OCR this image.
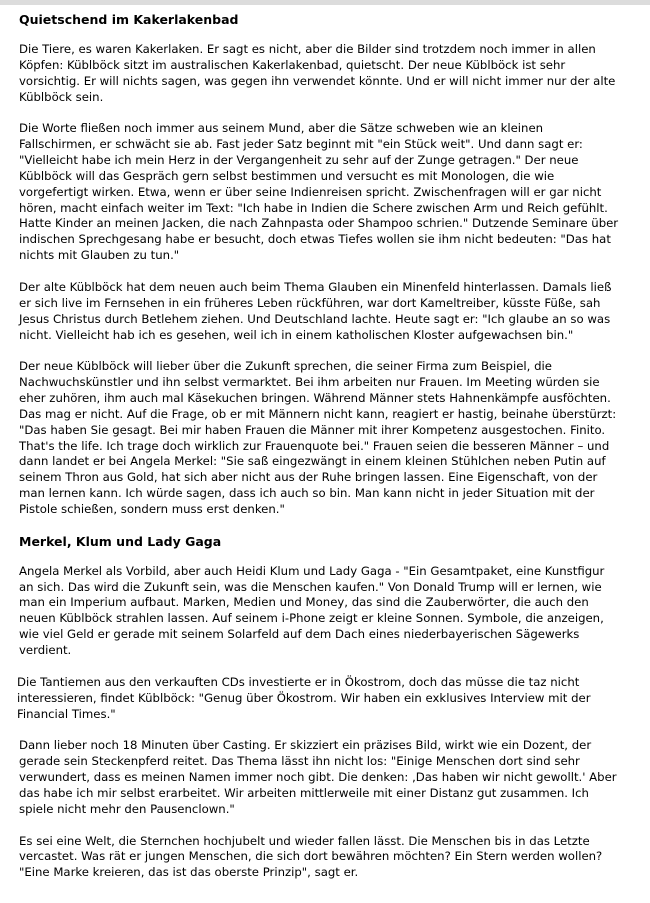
Quietschend im Kakerlakenbad

Die Tiere, es waren Kakerlaken. Er sagt es nicht, aber die Bilder sind trotzdem noch immer in allen
Köpfen: Küblböck sitzt im australischen Kakerlakenbad, quietscht. Der neue Küblböck ist sehr
vorsichtig. Er will nichts sagen, was gegen ihn verwendet könnte. Und er will nicht immer nur der alte
Küblböck sein.

Die Worte fließen noch immer aus seinem Mund, aber die Sätze schweben wie an kleinen
Fallschirmen, er schwächt sie ab. Fast jeder Satz beginnt mit "ein Stück weit". Und dann sagt er:
"Vielleicht habe ich mein Herz in der Vergangenheit zu sehr auf der Zunge getragen." Der neue
Küblböck will das Gespräch gern selbst bestimmen und versucht es mit Monologen, die wie
vorgefertigt wirken. Etwa, wenn er über seine Indienreisen spricht. Zwischenfragen will er gar nicht
hören, macht einfach weiter im Text: "Ich habe in Indien die Schere zwischen Arm und Reich gefühlt.
Hatte Kinder an meinen Jacken, die nach Zahnpasta oder Shampoo schrien." Dutzende Seminare über
indischen Sprechgesang habe er besucht, doch etwas Tiefes wollen sie ihm nicht bedeuten: "Das hat
nichts mit Glauben zu tun."

Der alte Küblböck hat dem neuen auch beim Thema Glauben ein Minenfeld hinterlassen. Damals ließ
er sich live im Fernsehen in ein früheres Leben rückführen, war dort Kameltreiber, küsste Füße, sah
Jesus Christus durch Betlehem ziehen. Und Deutschland lachte. Heute sagt er: "Ich glaube an so was
nicht. Vielleicht hab ich es gesehen, weil ich in einem katholischen Kloster aufgewachsen bin."

Der neue Küblböck will lieber über die Zukunft sprechen, die seiner Firma zum Beispiel, die
Nachwuchskünstler und ihn selbst vermarktet. Bei ihm arbeiten nur Frauen. Im Meeting würden sie
eher zuhören, ihm auch mal Käsekuchen bringen. Während Männer stets Hahnenkämpfe ausföchten.
Das mag er nicht. Auf die Frage, ob er mit Männern nicht kann, reagiert er hastig, beinahe überstürzt:
"Das haben Sie gesagt. Bei mir haben Frauen die Männer mit ihrer Kompetenz ausgestochen. Finito.
That's the life. Ich trage doch wirklich zur Frauenquote bei." Frauen seien die besseren Männer – und
dann landet er bei Angela Merkel: "Sie saß eingezwängt in einem kleinen Stühlchen neben Putin auf
seinem Thron aus Gold, hat sich aber nicht aus der Ruhe bringen lassen. Eine Eigenschaft, von der
man lernen kann. Ich würde sagen, dass ich auch so bin. Man kann nicht in jeder Situation mit der
Pistole schießen, sondern muss erst denken."

Merkel, Klum und Lady Gaga

Angela Merkel als Vorbild, aber auch Heidi Klum und Lady Gaga - "Ein Gesamtpaket, eine Kunstfigur
an sich. Das wird die Zukunft sein, was die Menschen kaufen." Von Donald Trump will er lernen, wie
man ein Imperium aufbaut. Marken, Medien und Money, das sind die Zauberwörter, die auch den
neuen Küblböck strahlen lassen. Auf seinem i-Phone zeigt er kleine Sonnen. Symbole, die anzeigen,
wie viel Geld er gerade mit seinem Solarfeld auf dem Dach eines niederbayerischen Sägewerks
verdient.

Die Tantiemen aus den verkauften CDs investierte er in Ökostrom, doch das müsse die taz nicht
interessieren, findet Küblböck: "Genug über Ökostrom. Wir haben ein exklusives Interview mit der
Financial Times."

Dann lieber noch 18 Minuten über Casting. Er skizziert ein präzises Bild, wirkt wie ein Dozent, der
gerade sein Steckenpferd reitet. Das Thema lässt ihn nicht los: "Einige Menschen dort sind sehr
verwundert, dass es meinen Namen immer noch gibt. Die denken: ‚Das haben wir nicht gewollt.' Aber
das habe ich mir selbst erarbeitet. Wir arbeiten mittlerweile mit einer Distanz gut zusammen. Ich
spiele nicht mehr den Pausenclown."

Es sei eine Welt, die Sternchen hochjubelt und wieder fallen lässt. Die Menschen bis in das Letzte
vercastet. Was rät er jungen Menschen, die sich dort bewähren möchten? Ein Stern werden wollen?
"Eine Marke kreieren, das ist das oberste Prinzip", sagt er.
